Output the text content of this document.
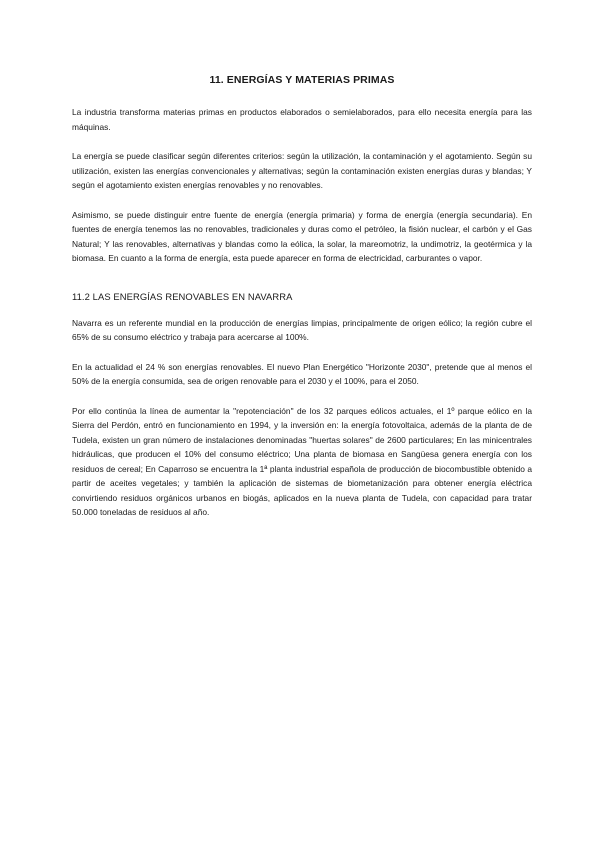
11. ENERGÍAS Y MATERIAS PRIMAS

La industria transforma materias primas en productos elaborados o semielaborados, para ello necesita energía para las máquinas.

La energía se puede clasificar según diferentes criterios: según la utilización, la contaminación y el agotamiento. Según su utilización, existen las energías convencionales y alternativas; según la contaminación existen energías duras y blandas; Y según el agotamiento existen energías renovables y no renovables.

Asimismo, se puede distinguir entre fuente de energía (energía primaria) y forma de energía (energía secundaria). En fuentes de energía tenemos las no renovables, tradicionales y duras como el petróleo, la fisión nuclear, el carbón y el Gas Natural; Y las renovables, alternativas y blandas como la eólica, la solar, la mareomotriz, la undimotriz, la geotérmica y la biomasa. En cuanto a la forma de energía, esta puede aparecer en forma de electricidad, carburantes o vapor.

11.2 LAS ENERGÍAS RENOVABLES EN NAVARRA

Navarra es un referente mundial en la producción de energías limpias, principalmente de origen eólico; la región cubre el 65% de su consumo eléctrico y trabaja para acercarse al 100%.

En la actualidad el 24 % son energías renovables. El nuevo Plan Energético "Horizonte 2030", pretende que al menos el 50% de la energía consumida, sea de origen renovable para el 2030 y el 100%, para el 2050.

Por ello continúa la línea de aumentar la "repotenciación" de los 32 parques eólicos actuales, el 1º parque eólico en la Sierra del Perdón, entró en funcionamiento en 1994, y la inversión en: la energía fotovoltaica, además de la planta de de Tudela, existen un gran número de instalaciones denominadas "huertas solares" de 2600 particulares; En las minicentrales hidráulicas, que producen el 10% del consumo eléctrico; Una planta de biomasa en Sangüesa genera energía con los residuos de cereal; En Caparroso se encuentra la 1ª planta industrial española de producción de biocombustible obtenido a partir de aceites vegetales; y también la aplicación de sistemas de biometanización para obtener energía eléctrica convirtiendo residuos orgánicos urbanos en biogás, aplicados en la nueva planta de Tudela, con capacidad para tratar 50.000 toneladas de residuos al año.
